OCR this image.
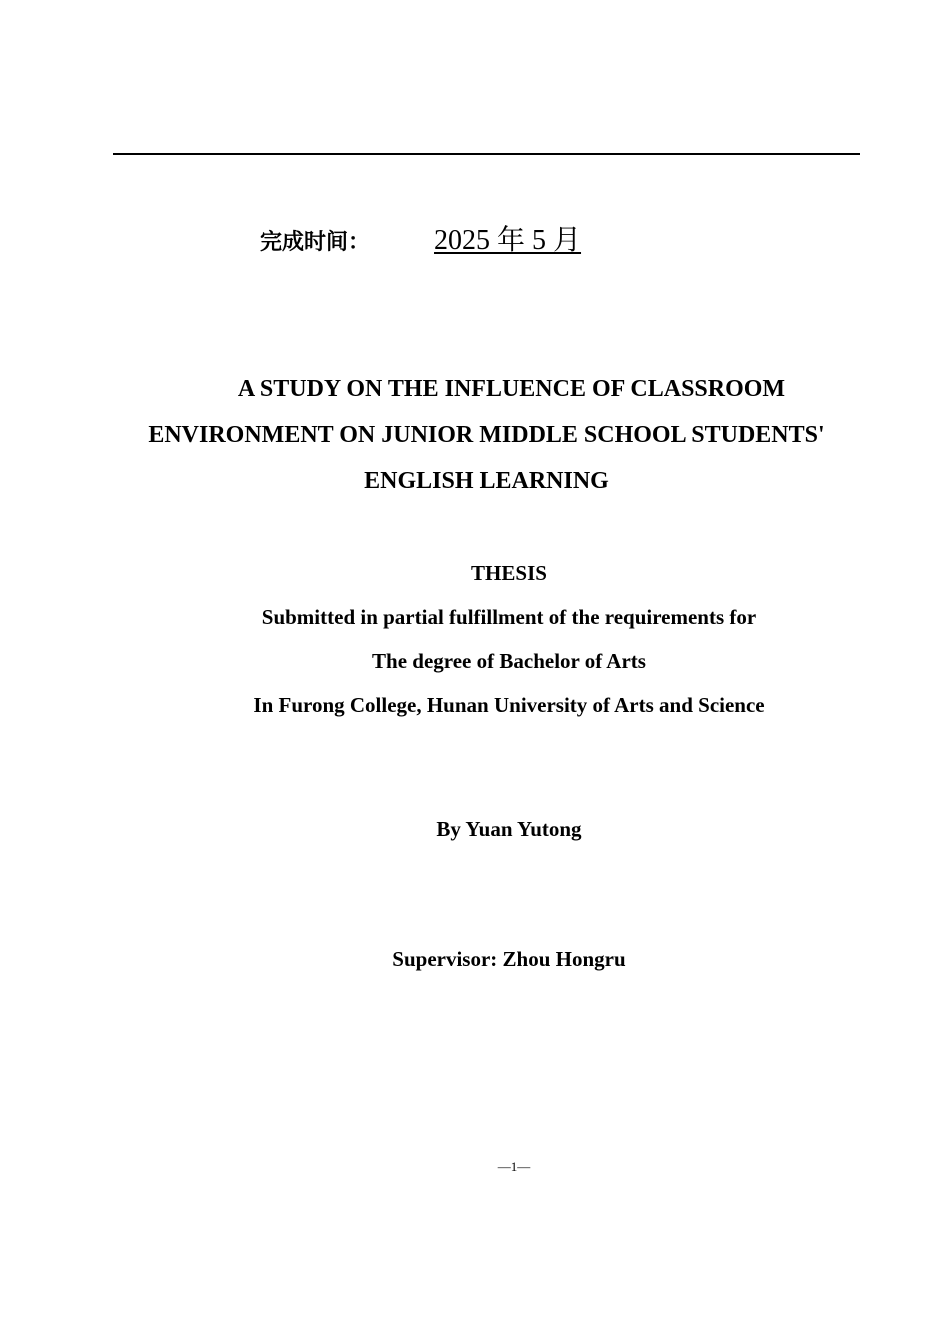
完成时间： 2025 年 5 月
A STUDY ON THE INFLUENCE OF CLASSROOM
ENVIRONMENT ON JUNIOR MIDDLE SCHOOL STUDENTS'
ENGLISH LEARNING
THESIS
Submitted in partial fulfillment of the requirements for
The degree of Bachelor of Arts
In Furong College, Hunan University of Arts and Science
By Yuan Yutong
Supervisor: Zhou Hongru
—1—
